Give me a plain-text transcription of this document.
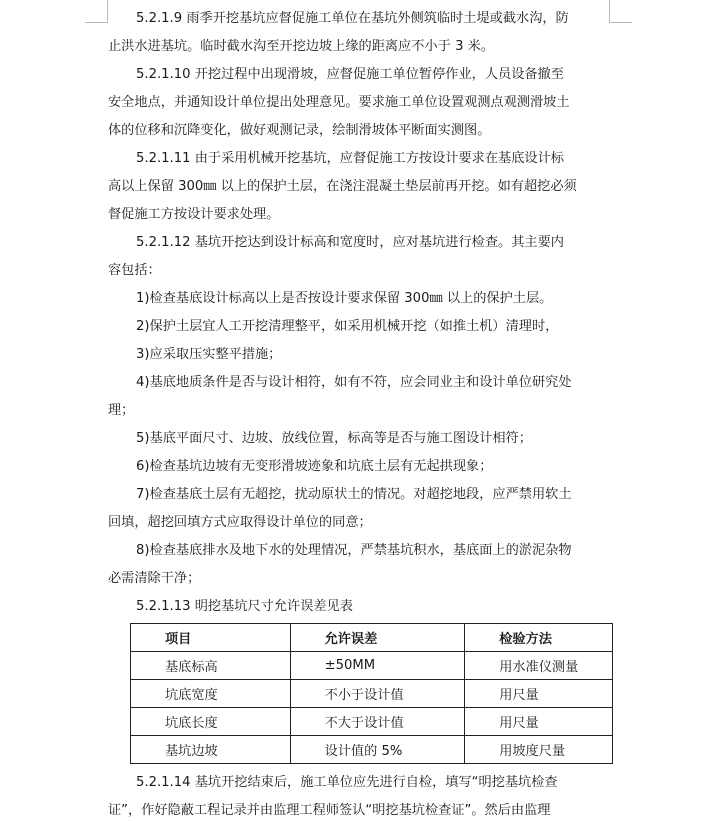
5.2.1.9 雨季开挖基坑应督促施工单位在基坑外侧筑临时土堤或截水沟，防
止洪水进基坑。临时截水沟至开挖边坡上缘的距离应不小于 3 米。
5.2.1.10 开挖过程中出现滑坡，应督促施工单位暂停作业，人员设备撤至
安全地点，并通知设计单位提出处理意见。要求施工单位设置观测点观测滑坡土
体的位移和沉降变化，做好观测记录，绘制滑坡体平断面实测图。
5.2.1.11 由于采用机械开挖基坑，应督促施工方按设计要求在基底设计标
高以上保留 300㎜ 以上的保护土层，在浇注混凝土垫层前再开挖。如有超挖必须
督促施工方按设计要求处理。
5.2.1.12 基坑开挖达到设计标高和宽度时，应对基坑进行检查。其主要内
容包括：
1)检查基底设计标高以上是否按设计要求保留 300㎜ 以上的保护土层。
2)保护土层宜人工开挖清理整平，如采用机械开挖（如推土机）清理时，
3)应采取压实整平措施；
4)基底地质条件是否与设计相符，如有不符，应会同业主和设计单位研究处
理；
5)基底平面尺寸、边坡、放线位置，标高等是否与施工图设计相符；
6)检查基坑边坡有无变形滑坡迹象和坑底土层有无起拱现象；
7)检查基底土层有无超挖，扰动原状土的情况。对超挖地段，应严禁用软土
回填，超挖回填方式应取得设计单位的同意；
8)检查基底排水及地下水的处理情况，严禁基坑积水，基底面上的淤泥杂物
必需清除干净；
5.2.1.13 明挖基坑尺寸允许误差见表
项目	允许误差	检验方法
基底标高	±50MM	用水准仪测量
坑底宽度	不小于设计值	用尺量
坑底长度	不大于设计值	用尺量
基坑边坡	设计值的 5%	用坡度尺量
5.2.1.14 基坑开挖结束后，施工单位应先进行自检，填写“明挖基坑检查
证”，作好隐蔽工程记录并由监理工程师签认“明挖基坑检查证”。然后由监理
